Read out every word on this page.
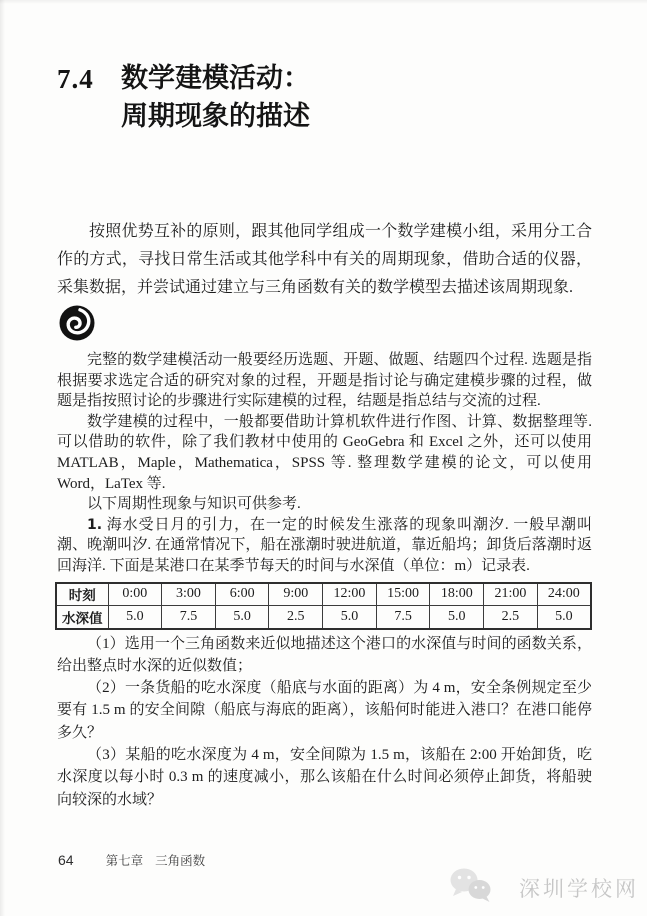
7.4	数学建模活动：
周期现象的描述

按照优势互补的原则，跟其他同学组成一个数学建模小组，采用分工合作的方式，寻找日常生活或其他学科中有关的周期现象，借助合适的仪器，采集数据，并尝试通过建立与三角函数有关的数学模型去描述该周期现象.

完整的数学建模活动一般要经历选题、开题、做题、结题四个过程. 选题是指根据要求选定合适的研究对象的过程，开题是指讨论与确定建模步骤的过程，做题是指按照讨论的步骤进行实际建模的过程，结题是指总结与交流的过程.

数学建模的过程中，一般都要借助计算机软件进行作图、计算、数据整理等. 可以借助的软件，除了我们教材中使用的 GeoGebra 和 Excel 之外，还可以使用 MATLAB，Maple，Mathematica，SPSS 等. 整理数学建模的论文，可以使用 Word，LaTex 等.

以下周期性现象与知识可供参考.

1. 海水受日月的引力，在一定的时候发生涨落的现象叫潮汐. 一般早潮叫潮、晚潮叫汐. 在通常情况下，船在涨潮时驶进航道，靠近船坞；卸货后落潮时返回海洋. 下面是某港口在某季节每天的时间与水深值（单位：m）记录表.

时刻	0:00	3:00	6:00	9:00	12:00	15:00	18:00	21:00	24:00
水深值	5.0	7.5	5.0	2.5	5.0	7.5	5.0	2.5	5.0

（1）选用一个三角函数来近似地描述这个港口的水深值与时间的函数关系，给出整点时水深的近似数值；

（2）一条货船的吃水深度（船底与水面的距离）为 4 m，安全条例规定至少要有 1.5 m 的安全间隙（船底与海底的距离），该船何时能进入港口？在港口能停多久？

（3）某船的吃水深度为 4 m，安全间隙为 1.5 m，该船在 2:00 开始卸货，吃水深度以每小时 0.3 m 的速度减小，那么该船在什么时间必须停止卸货，将船驶向较深的水域？

64	第七章 三角函数
深圳学校网
